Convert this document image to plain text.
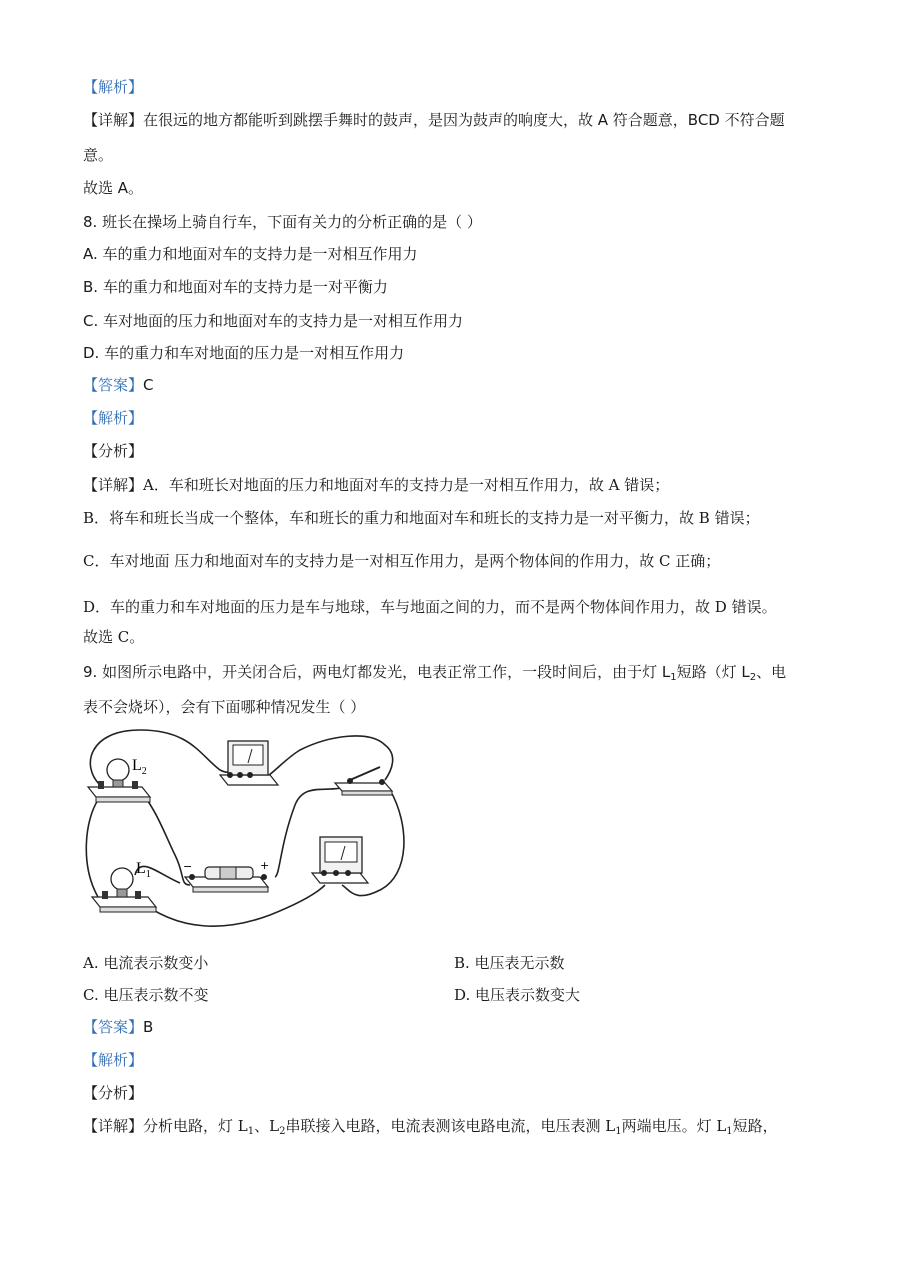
【解析】
【详解】在很远的地方都能听到跳摆手舞时的鼓声，是因为鼓声的响度大，故 A 符合题意，BCD 不符合题
意。
故选 A。
8. 班长在操场上骑自行车，下面有关力的分析正确的是（ ）
A. 车的重力和地面对车的支持力是一对相互作用力
B. 车的重力和地面对车的支持力是一对平衡力
C. 车对地面的压力和地面对车的支持力是一对相互作用力
D. 车的重力和车对地面的压力是一对相互作用力
【答案】C
【解析】
【分析】
【详解】A．车和班长对地面的压力和地面对车的支持力是一对相互作用力，故 A 错误；
B．将车和班长当成一个整体，车和班长的重力和地面对车和班长的支持力是一对平衡力，故 B 错误；
C．车对地面 压力和地面对车的支持力是一对相互作用力，是两个物体间的作用力，故 C 正确；
D．车的重力和车对地面的压力是车与地球，车与地面之间的力，而不是两个物体间作用力，故 D 错误。
故选 C。
9. 如图所示电路中，开关闭合后，两电灯都发光，电表正常工作，一段时间后，由于灯 $L_1$短路（灯 $L_2$、电
表不会烧坏），会有下面哪种情况发生（ ）
$L_2$
$L_1$
−	+
A. 电流表示数变小	B. 电压表无示数
C. 电压表示数不变	D. 电压表示数变大
【答案】B
【解析】
【分析】
【详解】分析电路，灯 $L_1$、$L_2$串联接入电路，电流表测该电路电流，电压表测 $L_1$两端电压。灯 $L_1$短路，
